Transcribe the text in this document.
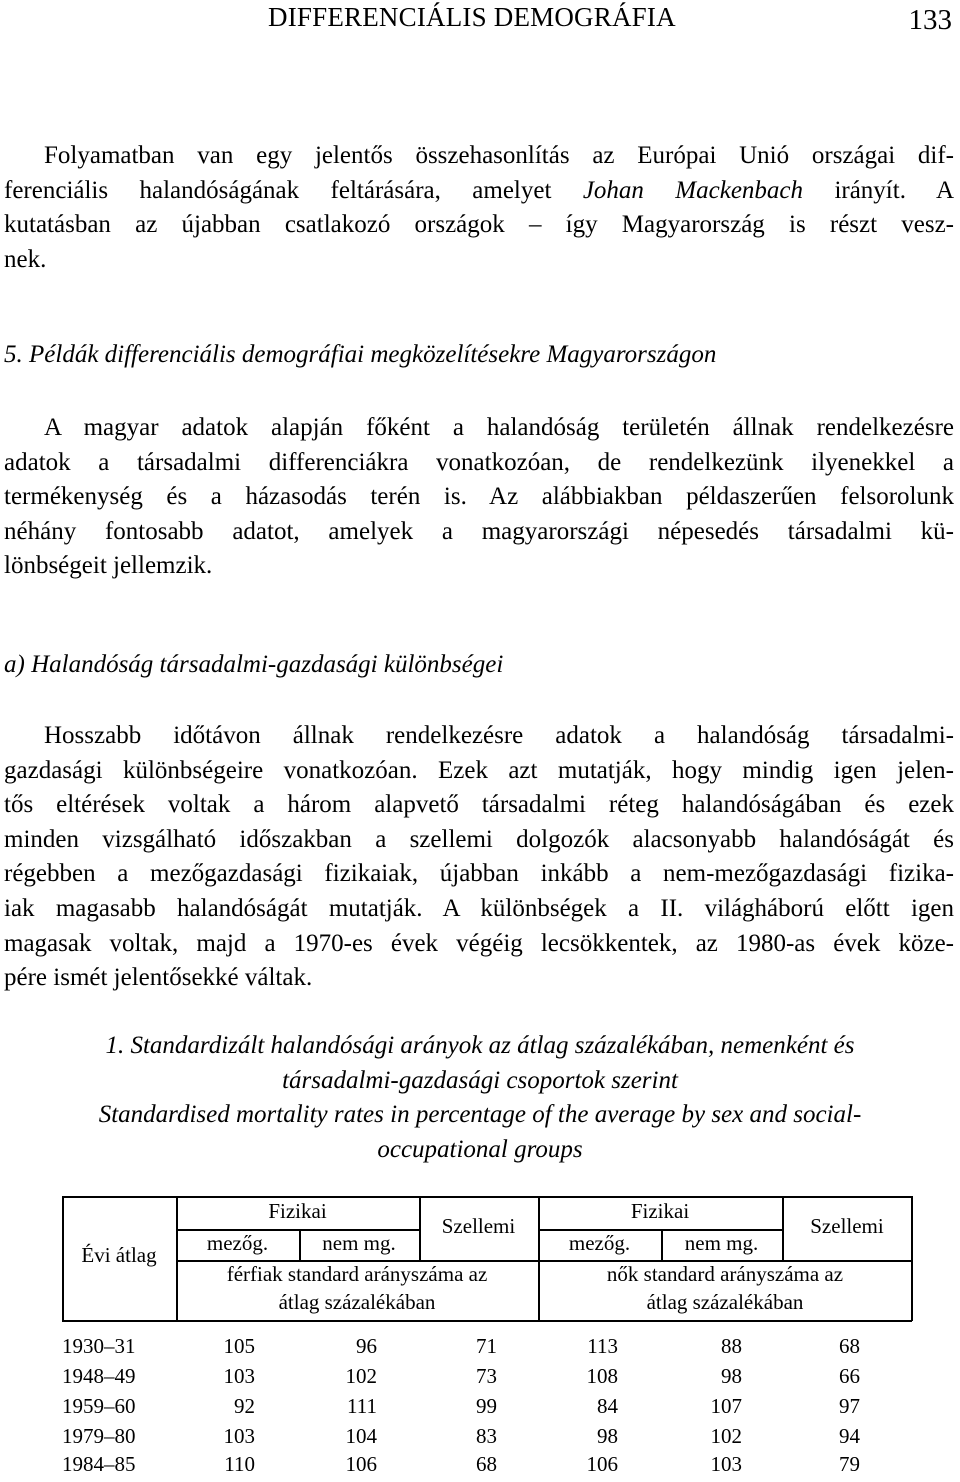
DIFFERENCIÁLIS DEMOGRÁFIA	133
Folyamatban van egy jelentős összehasonlítás az Európai Unió országai dif-
ferenciális halandóságának feltárására, amelyet Johan Mackenbach irányít. A
kutatásban az újabban csatlakozó országok – így Magyarország is részt vesz-
nek.
5. Példák differenciális demográfiai megközelítésekre Magyarországon
A magyar adatok alapján főként a halandóság területén állnak rendelkezésre
adatok a társadalmi differenciákra vonatkozóan, de rendelkezünk ilyenekkel a
termékenység és a házasodás terén is. Az alábbiakban példaszerűen felsorolunk
néhány fontosabb adatot, amelyek a magyarországi népesedés társadalmi kü-
lönbségeit jellemzik.
a) Halandóság társadalmi-gazdasági különbségei
Hosszabb időtávon állnak rendelkezésre adatok a halandóság társadalmi-
gazdasági különbségeire vonatkozóan. Ezek azt mutatják, hogy mindig igen jelen-
tős eltérések voltak a három alapvető társadalmi réteg halandóságában és ezek
minden vizsgálható időszakban a szellemi dolgozók alacsonyabb halandóságát és
régebben a mezőgazdasági fizikaiak, újabban inkább a nem-mezőgazdasági fizika-
iak magasabb halandóságát mutatják. A különbségek a II. világháború előtt igen
magasak voltak, majd a 1970-es évek végéig lecsökkentek, az 1980-as évek köze-
pére ismét jelentősekké váltak.
1. Standardizált halandósági arányok az átlag százalékában, nemenként és
társadalmi-gazdasági csoportok szerint
Standardised mortality rates in percentage of the average by sex and social-
occupational groups
Évi átlag
Fizikai
Szellemi
mezőg.	nem mg.
férfiak standard arányszáma az
átlag százalékában
Fizikai
Szellemi
mezőg.	nem mg.
nők standard arányszáma az
átlag százalékában
1930–31	105	96	71	113	88	68
1948–49	103	102	73	108	98	66
1959–60	92	111	99	84	107	97
1979–80	103	104	83	98	102	94
1984–85	110	106	68	106	103	79
